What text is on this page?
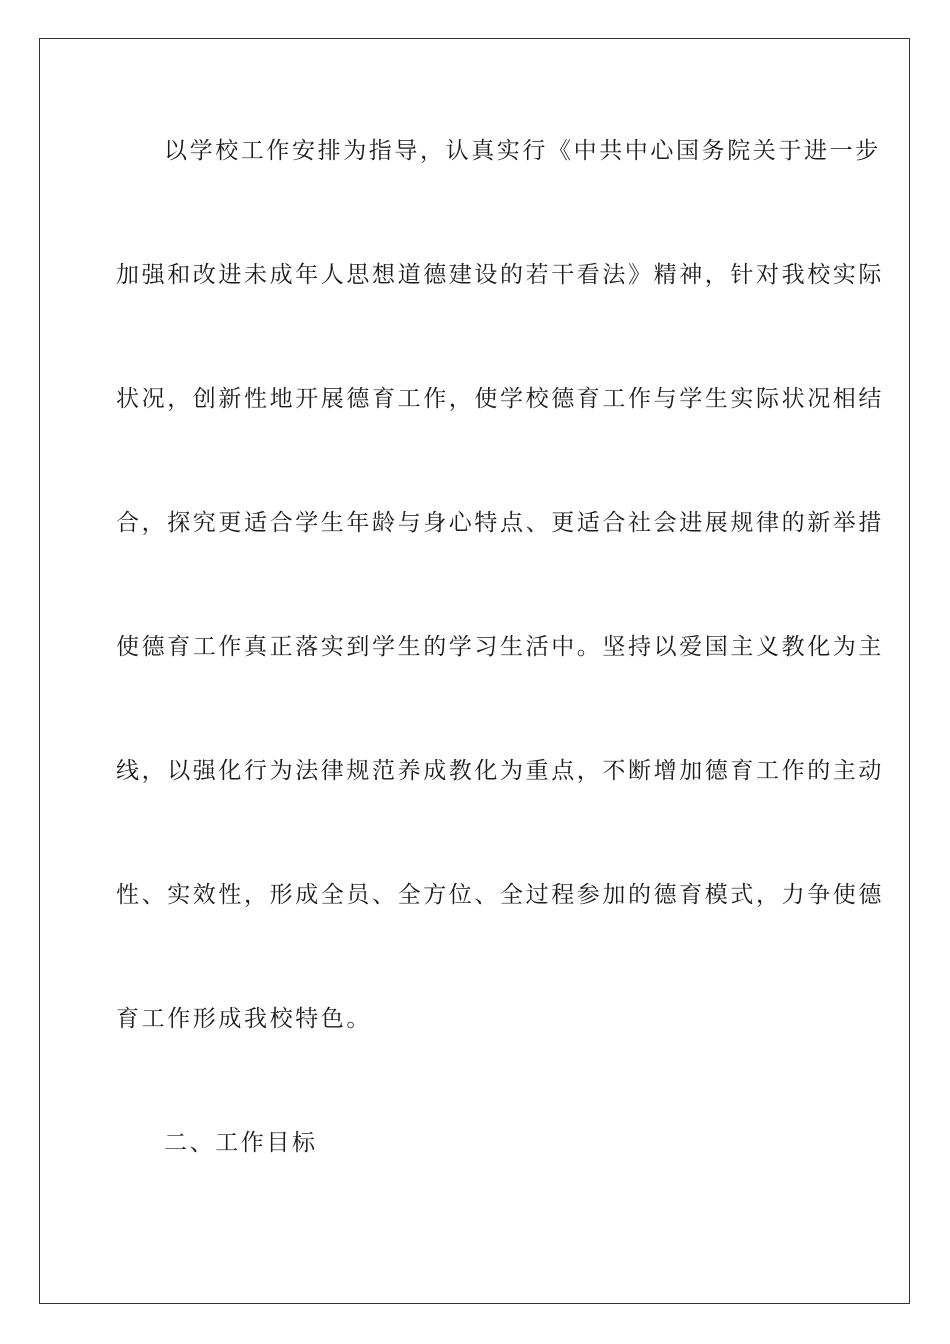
以学校工作安排为指导，认真实行《中共中心国务院关于进一步
加强和改进未成年人思想道德建设的若干看法》精神，针对我校实际
状况，创新性地开展德育工作，使学校德育工作与学生实际状况相结
合，探究更适合学生年龄与身心特点、更适合社会进展规律的新举措
使德育工作真正落实到学生的学习生活中。坚持以爱国主义教化为主
线，以强化行为法律规范养成教化为重点，不断增加德育工作的主动
性、实效性，形成全员、全方位、全过程参加的德育模式，力争使德
育工作形成我校特色。
二、工作目标
